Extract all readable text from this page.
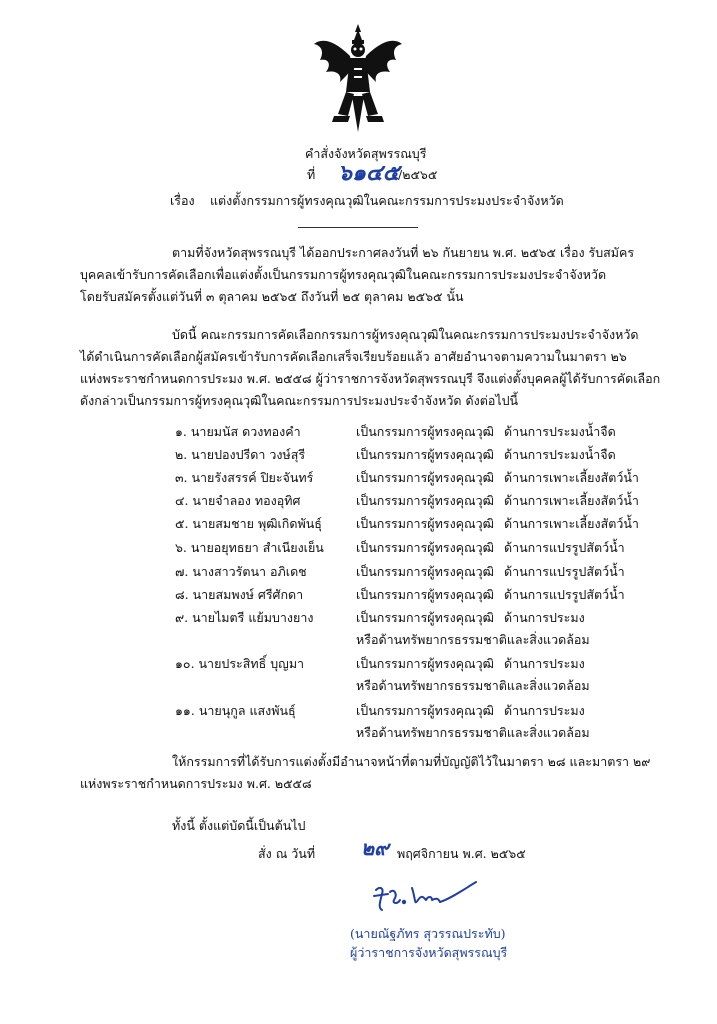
คำสั่งจังหวัดสุพรรณบุรี
ที่ ๖๑๔๕
/๒๕๖๕
เรื่อง แต่งตั้งกรรมการผู้ทรงคุณวุฒิในคณะกรรมการประมงประจำจังหวัด
ตามที่จังหวัดสุพรรณบุรี ได้ออกประกาศลงวันที่ ๒๖ กันยายน พ.ศ. ๒๕๖๕ เรื่อง รับสมัคร
บุคคลเข้ารับการคัดเลือกเพื่อแต่งตั้งเป็นกรรมการผู้ทรงคุณวุฒิในคณะกรรมการประมงประจำจังหวัด
โดยรับสมัครตั้งแต่วันที่ ๓ ตุลาคม ๒๕๖๕ ถึงวันที่ ๒๕ ตุลาคม ๒๕๖๕ นั้น
บัดนี้ คณะกรรมการคัดเลือกกรรมการผู้ทรงคุณวุฒิในคณะกรรมการประมงประจำจังหวัด
ได้ดำเนินการคัดเลือกผู้สมัครเข้ารับการคัดเลือกเสร็จเรียบร้อยแล้ว อาศัยอำนาจตามความในมาตรา ๒๖
แห่งพระราชกำหนดการประมง พ.ศ. ๒๕๕๘ ผู้ว่าราชการจังหวัดสุพรรณบุรี จึงแต่งตั้งบุคคลผู้ได้รับการคัดเลือก
ดังกล่าวเป็นกรรมการผู้ทรงคุณวุฒิในคณะกรรมการประมงประจำจังหวัด ดังต่อไปนี้
๑. นายมนัส ดวงทองคำ	เป็นกรรมการผู้ทรงคุณวุฒิ ด้านการประมงน้ำจืด
๒. นายปองปรีดา วงษ์สุรี	เป็นกรรมการผู้ทรงคุณวุฒิ ด้านการประมงน้ำจืด
๓. นายรังสรรค์ ปิยะจันทร์	เป็นกรรมการผู้ทรงคุณวุฒิ ด้านการเพาะเลี้ยงสัตว์น้ำ
๔. นายจำลอง ทองอุทิศ	เป็นกรรมการผู้ทรงคุณวุฒิ ด้านการเพาะเลี้ยงสัตว์น้ำ
๕. นายสมชาย พุฒิเกิดพันธุ์	เป็นกรรมการผู้ทรงคุณวุฒิ ด้านการเพาะเลี้ยงสัตว์น้ำ
๖. นายอยุทธยา สำเนียงเย็น	เป็นกรรมการผู้ทรงคุณวุฒิ ด้านการแปรรูปสัตว์น้ำ
๗. นางสาวรัตนา อภิเดช	เป็นกรรมการผู้ทรงคุณวุฒิ ด้านการแปรรูปสัตว์น้ำ
๘. นายสมพงษ์ ศรีศักดา	เป็นกรรมการผู้ทรงคุณวุฒิ ด้านการแปรรูปสัตว์น้ำ
๙. นายไมตรี แย้มบางยาง	เป็นกรรมการผู้ทรงคุณวุฒิ ด้านการประมง
หรือด้านทรัพยากรธรรมชาติและสิ่งแวดล้อม
๑๐. นายประสิทธิ์ บุญมา	เป็นกรรมการผู้ทรงคุณวุฒิ ด้านการประมง
หรือด้านทรัพยากรธรรมชาติและสิ่งแวดล้อม
๑๑. นายนุกูล แสงพันธุ์	เป็นกรรมการผู้ทรงคุณวุฒิ ด้านการประมง
หรือด้านทรัพยากรธรรมชาติและสิ่งแวดล้อม
ให้กรรมการที่ได้รับการแต่งตั้งมีอำนาจหน้าที่ตามที่บัญญัติไว้ในมาตรา ๒๘ และมาตรา ๒๙
แห่งพระราชกำหนดการประมง พ.ศ. ๒๕๕๘
ทั้งนี้ ตั้งแต่บัดนี้เป็นต้นไป
สั่ง ณ วันที่ ๒๙ พฤศจิกายน พ.ศ. ๒๕๖๕
(นายณัฐภัทร สุวรรณประทับ)
ผู้ว่าราชการจังหวัดสุพรรณบุรี
